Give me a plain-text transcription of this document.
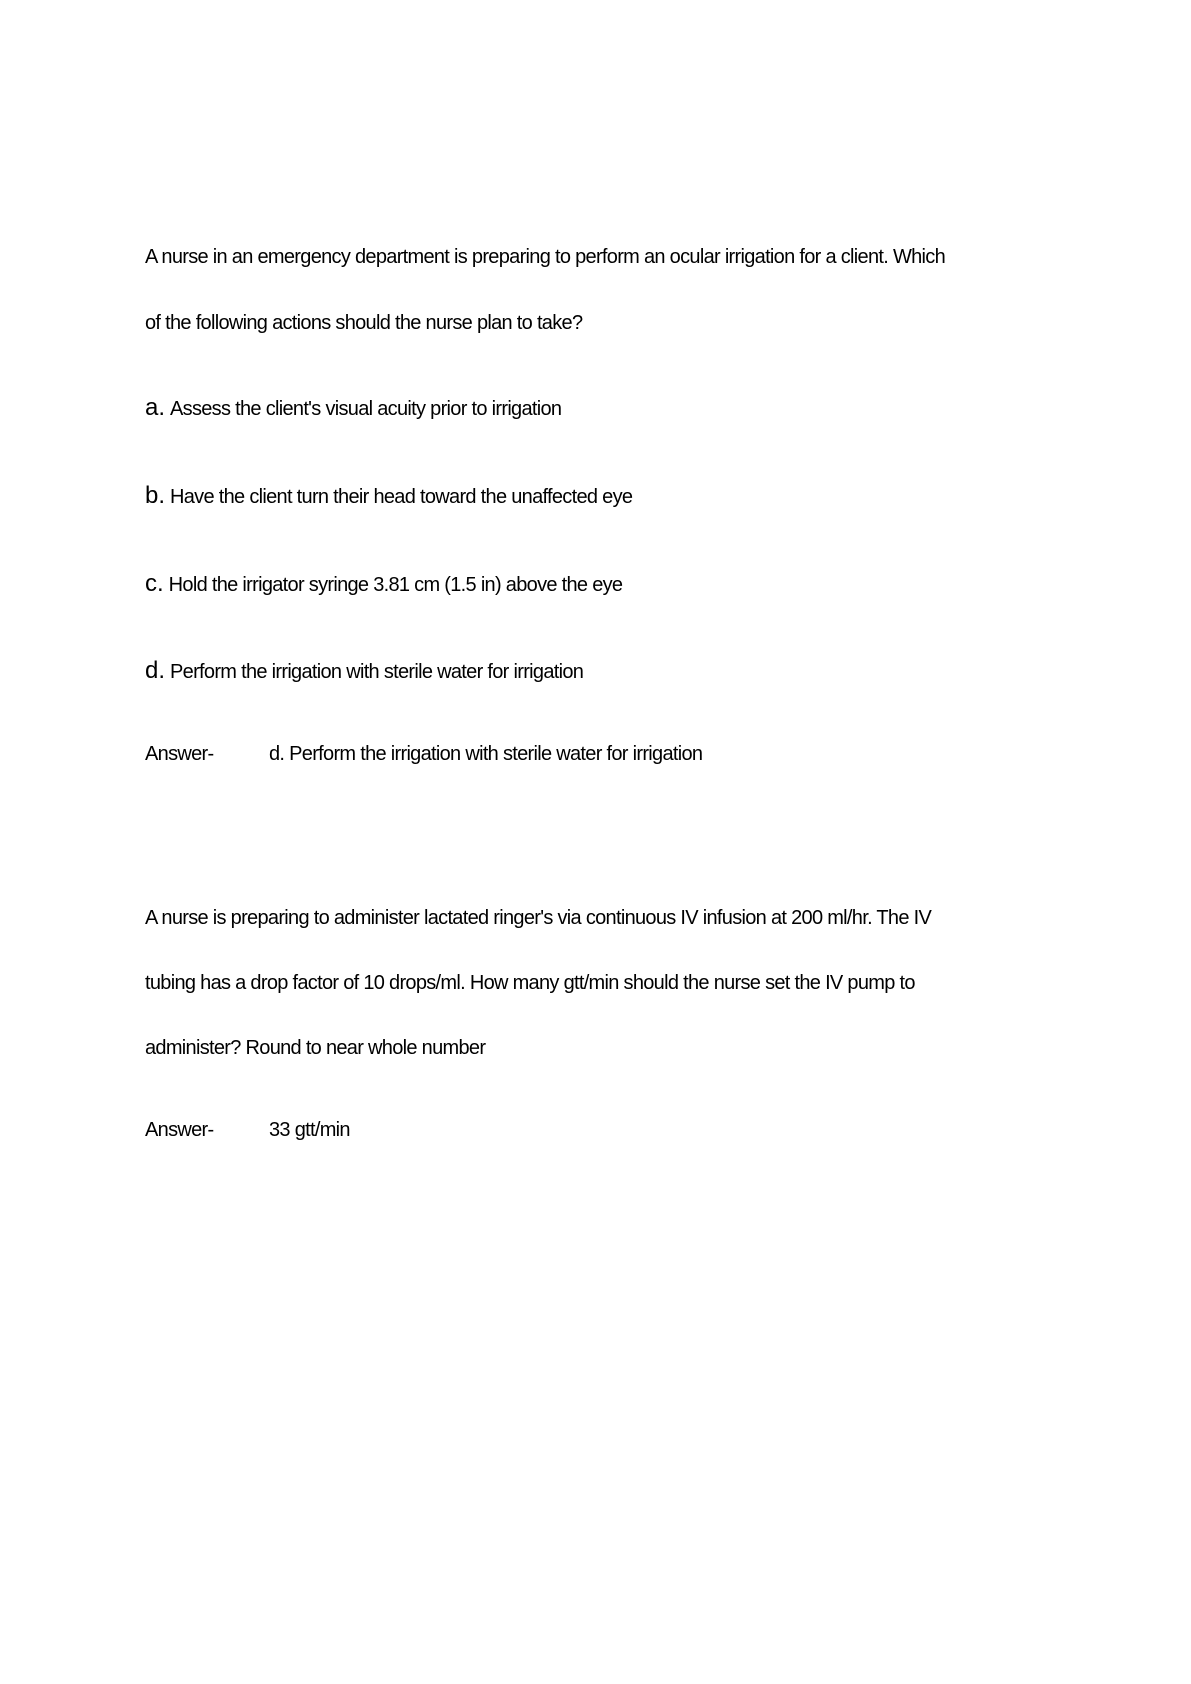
A nurse in an emergency department is preparing to perform an ocular irrigation for a client. Which
of the following actions should the nurse plan to take?
a. Assess the client's visual acuity prior to irrigation
b. Have the client turn their head toward the unaffected eye
c. Hold the irrigator syringe 3.81 cm (1.5 in) above the eye
d. Perform the irrigation with sterile water for irrigation
Answer-	d. Perform the irrigation with sterile water for irrigation
A nurse is preparing to administer lactated ringer's via continuous IV infusion at 200 ml/hr. The IV
tubing has a drop factor of 10 drops/ml. How many gtt/min should the nurse set the IV pump to
administer? Round to near whole number
Answer-	33 gtt/min
